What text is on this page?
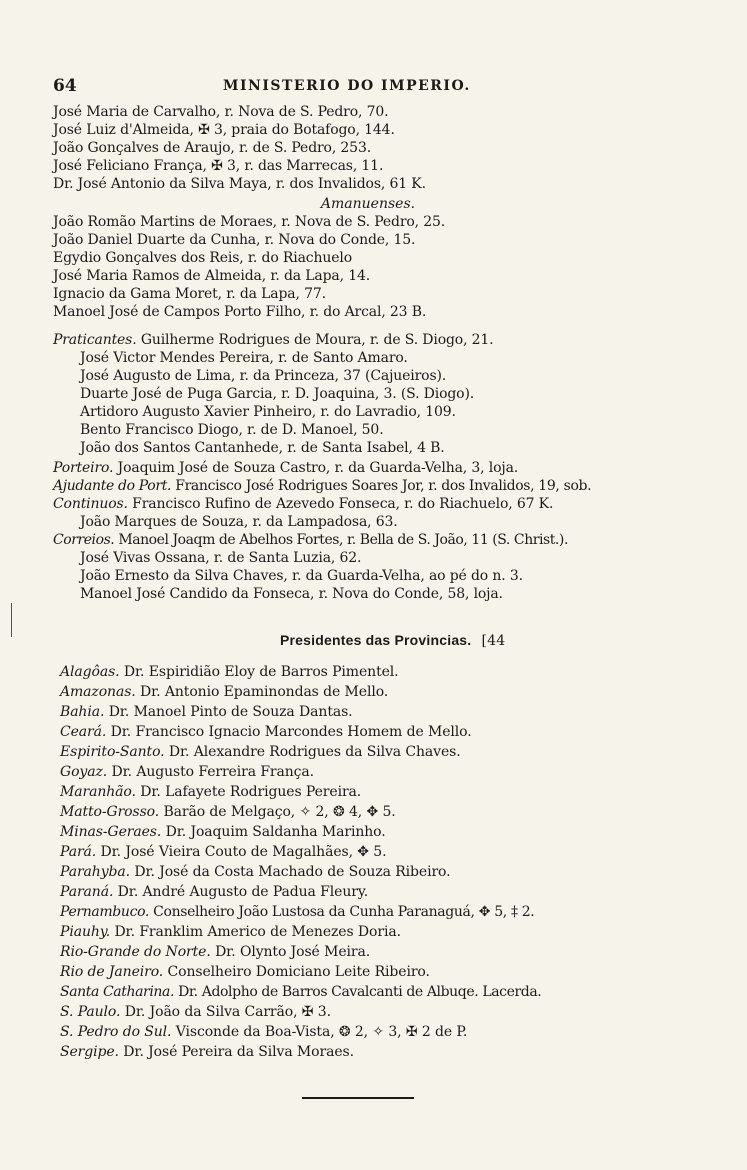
64	MINISTERIO DO IMPERIO.
José Maria de Carvalho, r. Nova de S. Pedro, 70.
José Luiz d'Almeida, ✠ 3, praia do Botafogo, 144.
João Gonçalves de Araujo, r. de S. Pedro, 253.
José Feliciano França, ✠ 3, r. das Marrecas, 11.
Dr. José Antonio da Silva Maya, r. dos Invalidos, 61 K.
Amanuenses.
João Romão Martins de Moraes, r. Nova de S. Pedro, 25.
João Daniel Duarte da Cunha, r. Nova do Conde, 15.
Egydio Gonçalves dos Reis, r. do Riachuelo
José Maria Ramos de Almeida, r. da Lapa, 14.
Ignacio da Gama Moret, r. da Lapa, 77.
Manoel José de Campos Porto Filho, r. do Arcal, 23 B.
Praticantes. Guilherme Rodrigues de Moura, r. de S. Diogo, 21.
José Victor Mendes Pereira, r. de Santo Amaro.
José Augusto de Lima, r. da Princeza, 37 (Cajueiros).
Duarte José de Puga Garcia, r. D. Joaquina, 3. (S. Diogo).
Artidoro Augusto Xavier Pinheiro, r. do Lavradio, 109.
Bento Francisco Diogo, r. de D. Manoel, 50.
João dos Santos Cantanhede, r. de Santa Isabel, 4 B.
Porteiro. Joaquim José de Souza Castro, r. da Guarda-Velha, 3, loja.
Ajudante do Port. Francisco José Rodrigues Soares Jor, r. dos Invalidos, 19, sob.
Continuos. Francisco Rufino de Azevedo Fonseca, r. do Riachuelo, 67 K.
João Marques de Souza, r. da Lampadosa, 63.
Correios. Manoel Joaqm de Abelhos Fortes, r. Bella de S. João, 11 (S. Christ.).
José Vivas Ossana, r. de Santa Luzia, 62.
João Ernesto da Silva Chaves, r. da Guarda-Velha, ao pé do n. 3.
Manoel José Candido da Fonseca, r. Nova do Conde, 58, loja.
Presidentes das Provincias. [44
Alagôas. Dr. Espiridião Eloy de Barros Pimentel.
Amazonas. Dr. Antonio Epaminondas de Mello.
Bahia. Dr. Manoel Pinto de Souza Dantas.
Ceará. Dr. Francisco Ignacio Marcondes Homem de Mello.
Espirito-Santo. Dr. Alexandre Rodrigues da Silva Chaves.
Goyaz. Dr. Augusto Ferreira França.
Maranhão. Dr. Lafayete Rodrigues Pereira.
Matto-Grosso. Barão de Melgaço, ✧ 2, ❂ 4, ✥ 5.
Minas-Geraes. Dr. Joaquim Saldanha Marinho.
Pará. Dr. José Vieira Couto de Magalhães, ✥ 5.
Parahyba. Dr. José da Costa Machado de Souza Ribeiro.
Paraná. Dr. André Augusto de Padua Fleury.
Pernambuco. Conselheiro João Lustosa da Cunha Paranaguá, ✥ 5, ‡ 2.
Piauhy. Dr. Franklim Americo de Menezes Doria.
Rio-Grande do Norte. Dr. Olynto José Meira.
Rio de Janeiro. Conselheiro Domiciano Leite Ribeiro.
Santa Catharina. Dr. Adolpho de Barros Cavalcanti de Albuqe. Lacerda.
S. Paulo. Dr. João da Silva Carrão, ✠ 3.
S. Pedro do Sul. Visconde da Boa-Vista, ❂ 2, ✧ 3, ✠ 2 de P.
Sergipe. Dr. José Pereira da Silva Moraes.
